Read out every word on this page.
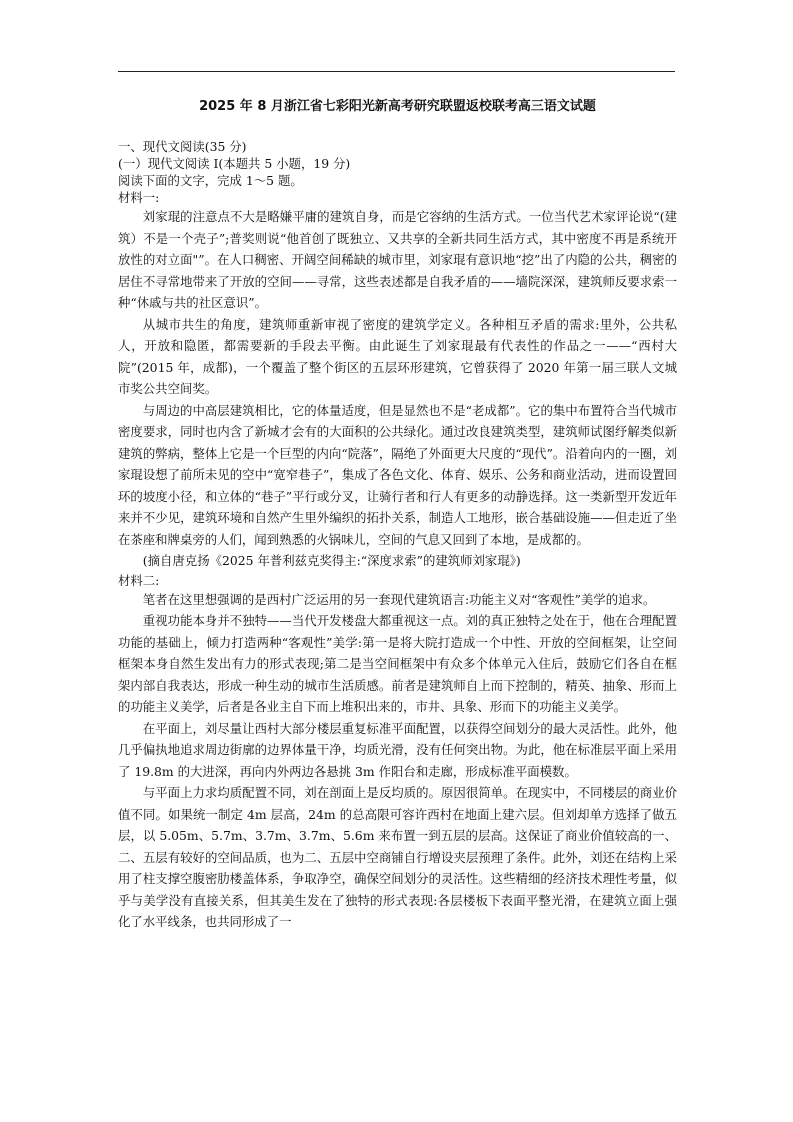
2025 年 8 月浙江省七彩阳光新高考研究联盟返校联考高三语文试题

一、现代文阅读(35 分)

(一）现代文阅读 Ⅰ(本题共 5 小题，19 分)

阅读下面的文字，完成 1～5 题。

材料一:

刘家琨的注意点不大是略嫌平庸的建筑自身，而是它容纳的生活方式。一位当代艺术家评论说“(建筑）不是一个壳子”;普奖则说“他首创了既独立、又共享的全新共同生活方式，其中密度不再是系统开放性的对立面"”。在人口稠密、开阔空间稀缺的城市里，刘家琨有意识地“挖”出了内隐的公共，稠密的居住不寻常地带来了开放的空间——寻常，这些表述都是自我矛盾的——墙院深深，建筑师反要求索一种“休戚与共的社区意识”。

从城市共生的角度，建筑师重新审视了密度的建筑学定义。各种相互矛盾的需求:里外，公共私人，开放和隐匿，都需要新的手段去平衡。由此诞生了刘家琨最有代表性的作品之一——“西村大院”(2015 年，成都)，一个覆盖了整个街区的五层环形建筑，它曾获得了 2020 年第一届三联人文城市奖公共空间奖。

与周边的中高层建筑相比，它的体量适度，但是显然也不是“老成都”。它的集中布置符合当代城市密度要求，同时也内含了新城才会有的大面积的公共绿化。通过改良建筑类型，建筑师试图纾解类似新建筑的弊病，整体上它是一个巨型的内向“院落”，隔绝了外面更大尺度的“现代”。沿着向内的一圈，刘家琨设想了前所未见的空中“宽窄巷子”，集成了各色文化、体育、娱乐、公务和商业活动，进而设置回环的坡度小径，和立体的“巷子”平行或分叉，让骑行者和行人有更多的动静选择。这一类新型开发近年来并不少见，建筑环境和自然产生里外编织的拓扑关系，制造人工地形，嵌合基础设施——但走近了坐在茶座和牌桌旁的人们，闻到熟悉的火锅味儿，空间的气息又回到了本地，是成都的。

(摘自唐克扬《2025 年普利兹克奖得主:“深度求索”的建筑师刘家琨》)

材料二:

笔者在这里想强调的是西村广泛运用的另一套现代建筑语言:功能主义对“客观性”美学的追求。

重视功能本身并不独特——当代开发楼盘大都重视这一点。刘的真正独特之处在于，他在合理配置功能的基础上，倾力打造两种“客观性”美学:第一是将大院打造成一个中性、开放的空间框架，让空间框架本身自然生发出有力的形式表现;第二是当空间框架中有众多个体单元入住后，鼓励它们各自在框架内部自我表达，形成一种生动的城市生活质感。前者是建筑师自上而下控制的，精英、抽象、形而上的功能主义美学，后者是各业主自下而上堆积出来的，市井、具象、形而下的功能主义美学。

在平面上，刘尽量让西村大部分楼层重复标准平面配置，以获得空间划分的最大灵活性。此外，他几乎偏执地追求周边街廓的边界体量干净，均质光滑，没有任何突出物。为此，他在标准层平面上采用了 19.8m 的大进深，再向内外两边各悬挑 3m 作阳台和走廊，形成标准平面模数。

与平面上力求均质配置不同，刘在剖面上是反均质的。原因很简单。在现实中，不同楼层的商业价值不同。如果统一制定 4m 层高，24m 的总高限可容许西村在地面上建六层。但刘却单方选择了做五层，以 5.05m、5.7m、3.7m、3.7m、5.6m 来布置一到五层的层高。这保证了商业价值较高的一、二、五层有较好的空间品质，也为二、五层中空商铺自行增设夹层预理了条件。此外，刘还在结构上采用了柱支撑空腹密肋楼盖体系，争取净空，确保空间划分的灵活性。这些精细的经济技术理性考量，似乎与美学没有直接关系，但其美生发在了独特的形式表现:各层楼板下表面平整光滑，在建筑立面上强化了水平线条，也共同形成了一
